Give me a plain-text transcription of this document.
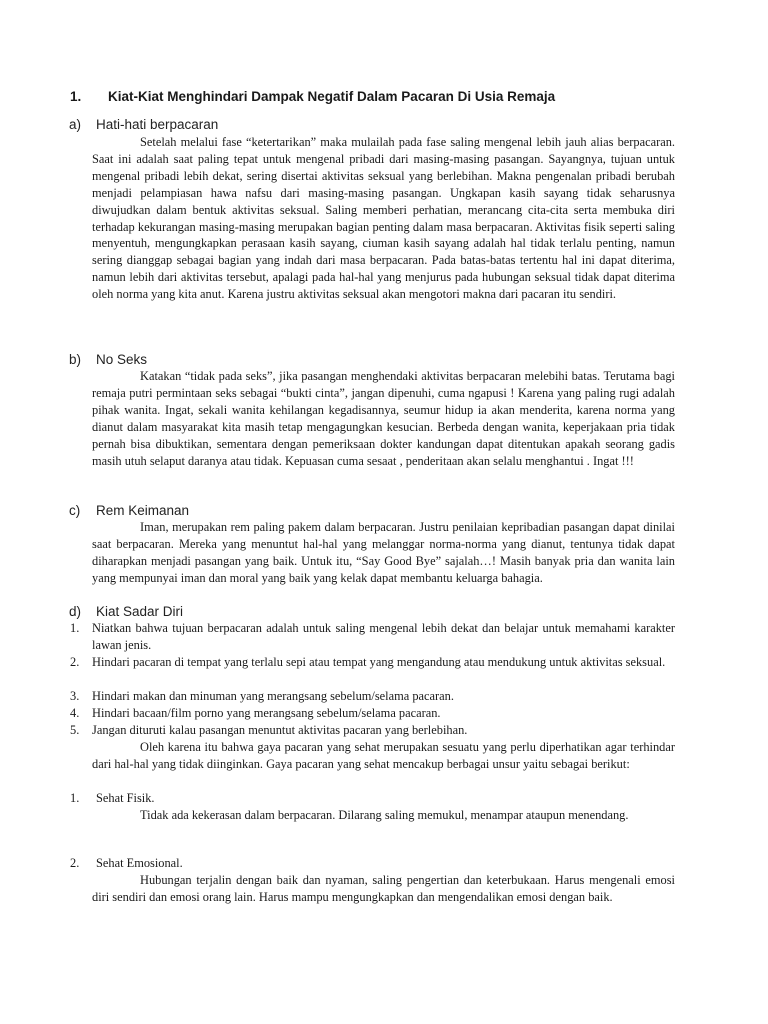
1. Kiat-Kiat Menghindari Dampak Negatif Dalam Pacaran Di Usia Remaja
a) Hati-hati berpacaran
Setelah melalui fase “ketertarikan” maka mulailah pada fase saling mengenal lebih jauh alias berpacaran. Saat ini adalah saat paling tepat untuk mengenal pribadi dari masing-masing pasangan. Sayangnya, tujuan untuk mengenal pribadi lebih dekat, sering disertai aktivitas seksual yang berlebihan. Makna pengenalan pribadi berubah menjadi pelampiasan hawa nafsu dari masing-masing pasangan. Ungkapan kasih sayang tidak seharusnya diwujudkan dalam bentuk aktivitas seksual. Saling memberi perhatian, merancang cita-cita serta membuka diri terhadap kekurangan masing-masing merupakan bagian penting dalam masa berpacaran. Aktivitas fisik seperti saling menyentuh, mengungkapkan perasaan kasih sayang, ciuman kasih sayang adalah hal tidak terlalu penting, namun sering dianggap sebagai bagian yang indah dari masa berpacaran. Pada batas-batas tertentu hal ini dapat diterima, namun lebih dari aktivitas tersebut, apalagi pada hal-hal yang menjurus pada hubungan seksual tidak dapat diterima oleh norma yang kita anut. Karena justru aktivitas seksual akan mengotori makna dari pacaran itu sendiri.
b) No Seks
Katakan “tidak pada seks”, jika pasangan menghendaki aktivitas berpacaran melebihi batas. Terutama bagi remaja putri permintaan seks sebagai “bukti cinta”, jangan dipenuhi, cuma ngapusi ! Karena yang paling rugi adalah pihak wanita. Ingat, sekali wanita kehilangan kegadisannya, seumur hidup ia akan menderita, karena norma yang dianut dalam masyarakat kita masih tetap mengagungkan kesucian. Berbeda dengan wanita, keperjakaan pria tidak pernah bisa dibuktikan, sementara dengan pemeriksaan dokter kandungan dapat ditentukan apakah seorang gadis masih utuh selaput daranya atau tidak. Kepuasan cuma sesaat , penderitaan akan selalu menghantui . Ingat !!!
c) Rem Keimanan
Iman, merupakan rem paling pakem dalam berpacaran. Justru penilaian kepribadian pasangan dapat dinilai saat berpacaran. Mereka yang menuntut hal-hal yang melanggar norma-norma yang dianut, tentunya tidak dapat diharapkan menjadi pasangan yang baik. Untuk itu, “Say Good Bye” sajalah…! Masih banyak pria dan wanita lain yang mempunyai iman dan moral yang baik yang kelak dapat membantu keluarga bahagia.
d) Kiat Sadar Diri
1. Niatkan bahwa tujuan berpacaran adalah untuk saling mengenal lebih dekat dan belajar untuk memahami karakter lawan jenis.
2. Hindari pacaran di tempat yang terlalu sepi atau tempat yang mengandung atau mendukung untuk aktivitas seksual.
3. Hindari makan dan minuman yang merangsang sebelum/selama pacaran.
4. Hindari bacaan/film porno yang merangsang sebelum/selama pacaran.
5. Jangan dituruti kalau pasangan menuntut aktivitas pacaran yang berlebihan.
Oleh karena itu bahwa gaya pacaran yang sehat merupakan sesuatu yang perlu diperhatikan agar terhindar dari hal-hal yang tidak diinginkan. Gaya pacaran yang sehat mencakup berbagai unsur yaitu sebagai berikut:
1. Sehat Fisik.
Tidak ada kekerasan dalam berpacaran. Dilarang saling memukul, menampar ataupun menendang.
2. Sehat Emosional.
Hubungan terjalin dengan baik dan nyaman, saling pengertian dan keterbukaan. Harus mengenali emosi diri sendiri dan emosi orang lain. Harus mampu mengungkapkan dan mengendalikan emosi dengan baik.
